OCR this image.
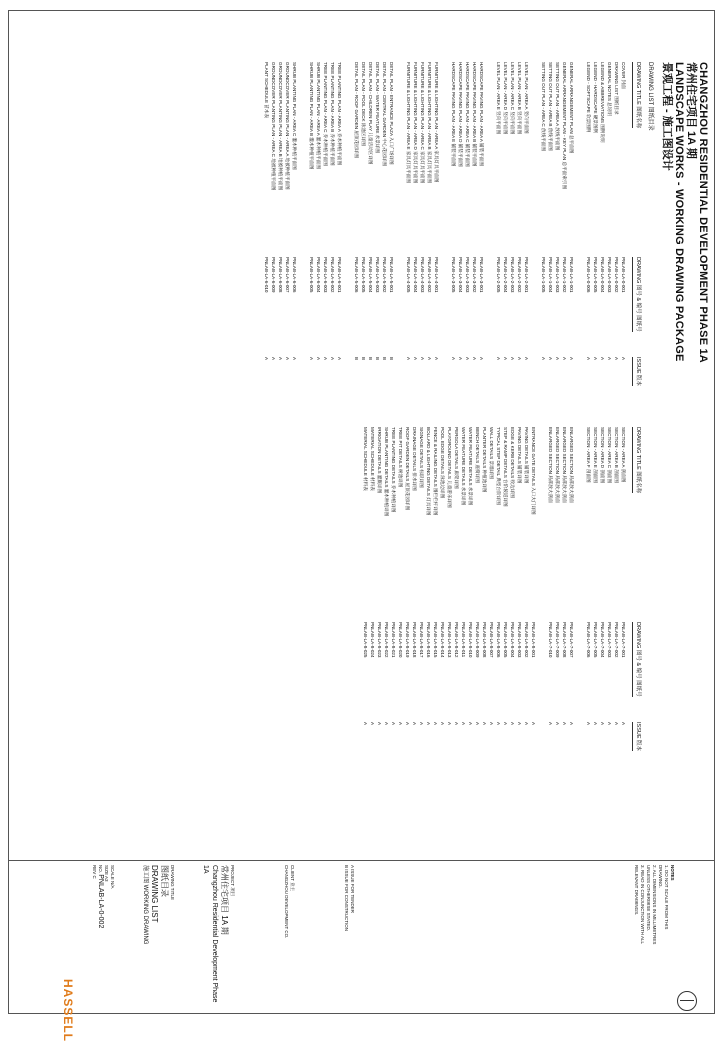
CHANGZHOU RESIDENTIAL DEVELOPMENT PHASE 1A
常州住宅项目 1A 期
LANDSCAPE WORKS - WORKING DRAWING PACKAGE
景观工程 - 施工图设计
DRAWING LIST 图纸目录
DRAWING TITLE 图纸名称
DRAWING 图号 & 编号 图纸号
ISSUE 版本
COVER 封面
PNLAB-LA-0-001
A
DRAWING LIST 图纸目录
PNLAB-LA-0-002
A
GENERAL NOTES 总说明
PNLAB-LA-0-003
A
LEGEND & ABBREVIATIONS 图例说明
PNLAB-LA-0-004
A
LEGEND - HARDSCAPE 硬景图例
PNLAB-LA-0-005
A
LEGEND - SOFTSCAPE 软景图例
PNLAB-LA-0-006
A
GENERAL ARRANGEMENT PLAN 总平面图
PNLAB-LA-1-001
A
GENERAL ARRANGEMENT PLAN - KEY PLAN 总平面索引图
PNLAB-LA-1-002
A
SETTING OUT PLAN - AREA A 放线平面图
PNLAB-LA-1-003
A
SETTING OUT PLAN - AREA B 放线平面图
PNLAB-LA-1-004
A
SETTING OUT PLAN - AREA C 放线平面图
PNLAB-LA-1-005
A
LEVEL PLAN - AREA A 竖向平面图
PNLAB-LA-2-001
A
LEVEL PLAN - AREA B 竖向平面图
PNLAB-LA-2-002
A
LEVEL PLAN - AREA C 竖向平面图
PNLAB-LA-2-003
A
LEVEL PLAN - AREA D 竖向平面图
PNLAB-LA-2-004
A
LEVEL PLAN - AREA E 竖向平面图
PNLAB-LA-2-005
A
HARDSCAPE PAVING PLAN - AREA A 铺装平面图
PNLAB-LA-3-001
A
HARDSCAPE PAVING PLAN - AREA B 铺装平面图
PNLAB-LA-3-002
A
HARDSCAPE PAVING PLAN - AREA C 铺装平面图
PNLAB-LA-3-003
A
HARDSCAPE PAVING PLAN - AREA D 铺装平面图
PNLAB-LA-3-004
A
HARDSCAPE PAVING PLAN - AREA E 铺装平面图
PNLAB-LA-3-005
A
FURNITURE & LIGHTING PLAN - AREA A 家具灯具平面图
PNLAB-LA-4-001
A
FURNITURE & LIGHTING PLAN - AREA B 家具灯具平面图
PNLAB-LA-4-002
A
FURNITURE & LIGHTING PLAN - AREA C 家具灯具平面图
PNLAB-LA-4-003
A
FURNITURE & LIGHTING PLAN - AREA D 家具灯具平面图
PNLAB-LA-4-004
A
FURNITURE & LIGHTING PLAN - AREA E 家具灯具平面图
PNLAB-LA-4-005
A
DETAIL PLAN - ENTRANCE PLAZA 入口广场详图
PNLAB-LA-5-001
B
DETAIL PLAN - CENTRAL GARDEN 中心花园详图
PNLAB-LA-5-002
B
DETAIL PLAN - WATER FEATURE 水景详图
PNLAB-LA-5-003
B
DETAIL PLAN - CHILDREN PLAY 儿童活动区详图
PNLAB-LA-5-004
B
DETAIL PLAN - POOL DECK 泳池区详图
PNLAB-LA-5-005
B
DETAIL PLAN - ROOF GARDEN 屋顶花园详图
PNLAB-LA-5-006
B
TREE PLANTING PLAN - AREA A 乔木种植平面图
PNLAB-LA-6-001
A
TREE PLANTING PLAN - AREA B 乔木种植平面图
PNLAB-LA-6-002
A
TREE PLANTING PLAN - AREA C 乔木种植平面图
PNLAB-LA-6-003
A
SHRUB PLANTING PLAN - AREA A 灌木种植平面图
PNLAB-LA-6-004
A
SHRUB PLANTING PLAN - AREA B 灌木种植平面图
PNLAB-LA-6-005
A
SHRUB PLANTING PLAN - AREA C 灌木种植平面图
PNLAB-LA-6-006
A
GROUNDCOVER PLANTING PLAN - AREA A 地被种植平面图
PNLAB-LA-6-007
A
GROUNDCOVER PLANTING PLAN - AREA B 地被种植平面图
PNLAB-LA-6-008
A
GROUNDCOVER PLANTING PLAN - AREA C 地被种植平面图
PNLAB-LA-6-009
A
PLANT SCHEDULE 苗木表
PNLAB-LA-6-010
A
DRAWING TITLE 图纸名称
DRAWING 图号 & 编号 图纸号
ISSUE 版本
SECTION - AREA A 剖面图
PNLAB-LA-7-001
A
SECTION - AREA B 剖面图
PNLAB-LA-7-002
A
SECTION - AREA C 剖面图
PNLAB-LA-7-003
A
SECTION - AREA D 剖面图
PNLAB-LA-7-004
A
SECTION - AREA E 剖面图
PNLAB-LA-7-005
A
SECTION - AREA F 剖面图
PNLAB-LA-7-006
A
ENLARGED SECTION 局部放大剖面
PNLAB-LA-7-007
A
ENLARGED SECTION 局部放大剖面
PNLAB-LA-7-008
A
ENLARGED SECTION 局部放大剖面
PNLAB-LA-7-009
A
ENLARGED SECTION 局部放大剖面
PNLAB-LA-7-010
A
ENTRANCE GATE DETAILS 入口大门详图
PNLAB-LA-8-001
A
PAVING DETAILS 铺装详图
PNLAB-LA-8-002
A
PAVING DETAILS 铺装详图
PNLAB-LA-8-003
A
EDGE & KERB DETAILS 收边详图
PNLAB-LA-8-004
A
STEP & RAMP DETAILS 台阶坡道详图
PNLAB-LA-8-005
A
TYPICAL STEP DETAIL 典型台阶详图
PNLAB-LA-8-006
A
WALL DETAILS 景墙详图
PNLAB-LA-8-007
A
PLANTER DETAILS 种植池详图
PNLAB-LA-8-008
A
BENCH DETAILS 座椅详图
PNLAB-LA-8-009
A
WATER FEATURE DETAILS 水景详图
PNLAB-LA-8-010
A
WATER FEATURE DETAILS 水景详图
PNLAB-LA-8-011
A
PERGOLA DETAILS 廊架详图
PNLAB-LA-8-012
A
PLAYGROUND DETAILS 儿童游乐详图
PNLAB-LA-8-013
A
POOL EDGE DETAILS 泳池边详图
PNLAB-LA-8-014
A
FENCE & RAILING DETAILS 围栏栏杆详图
PNLAB-LA-8-015
A
BOLLARD & LIGHTING DETAILS 灯具详图
PNLAB-LA-8-016
A
SIGNAGE DETAILS 标识详图
PNLAB-LA-8-017
A
DRAINAGE DETAILS 排水详图
PNLAB-LA-8-018
A
ROOF GARDEN DETAILS 屋顶花园详图
PNLAB-LA-8-019
A
TREE PIT DETAILS 树池详图
PNLAB-LA-8-020
A
TREE PLANTING DETAILS 乔木种植详图
PNLAB-LA-8-021
A
SHRUB PLANTING DETAILS 灌木种植详图
PNLAB-LA-8-022
A
IRRIGATION DETAILS 灌溉详图
PNLAB-LA-8-023
A
MATERIAL SCHEDULE 材料表
PNLAB-LA-8-024
A
MATERIAL SCHEDULE 材料表
PNLAB-LA-8-025
A
NOTES
1. DO NOT SCALE FROM THIS DRAWING.
2. ALL DIMENSIONS IN MILLIMETRES UNLESS OTHERWISE STATED.
3. READ IN CONJUNCTION WITH ALL RELEVANT DRAWINGS.
A ISSUE FOR TENDER
B ISSUE FOR CONSTRUCTION
CLIENT 业主
CHANGZHOU DEVELOPMENT CO.
PROJECT 项目
常州住宅项目 1A 期
Changzhou Residential Development Phase 1A
DRAWING TITLE
图纸目录
DRAWING LIST
施工图 WORKING DRAWING
SCALE N/A
SIZE A3
NO. PNLAB-LA-0-002
REV C
HASSELL
